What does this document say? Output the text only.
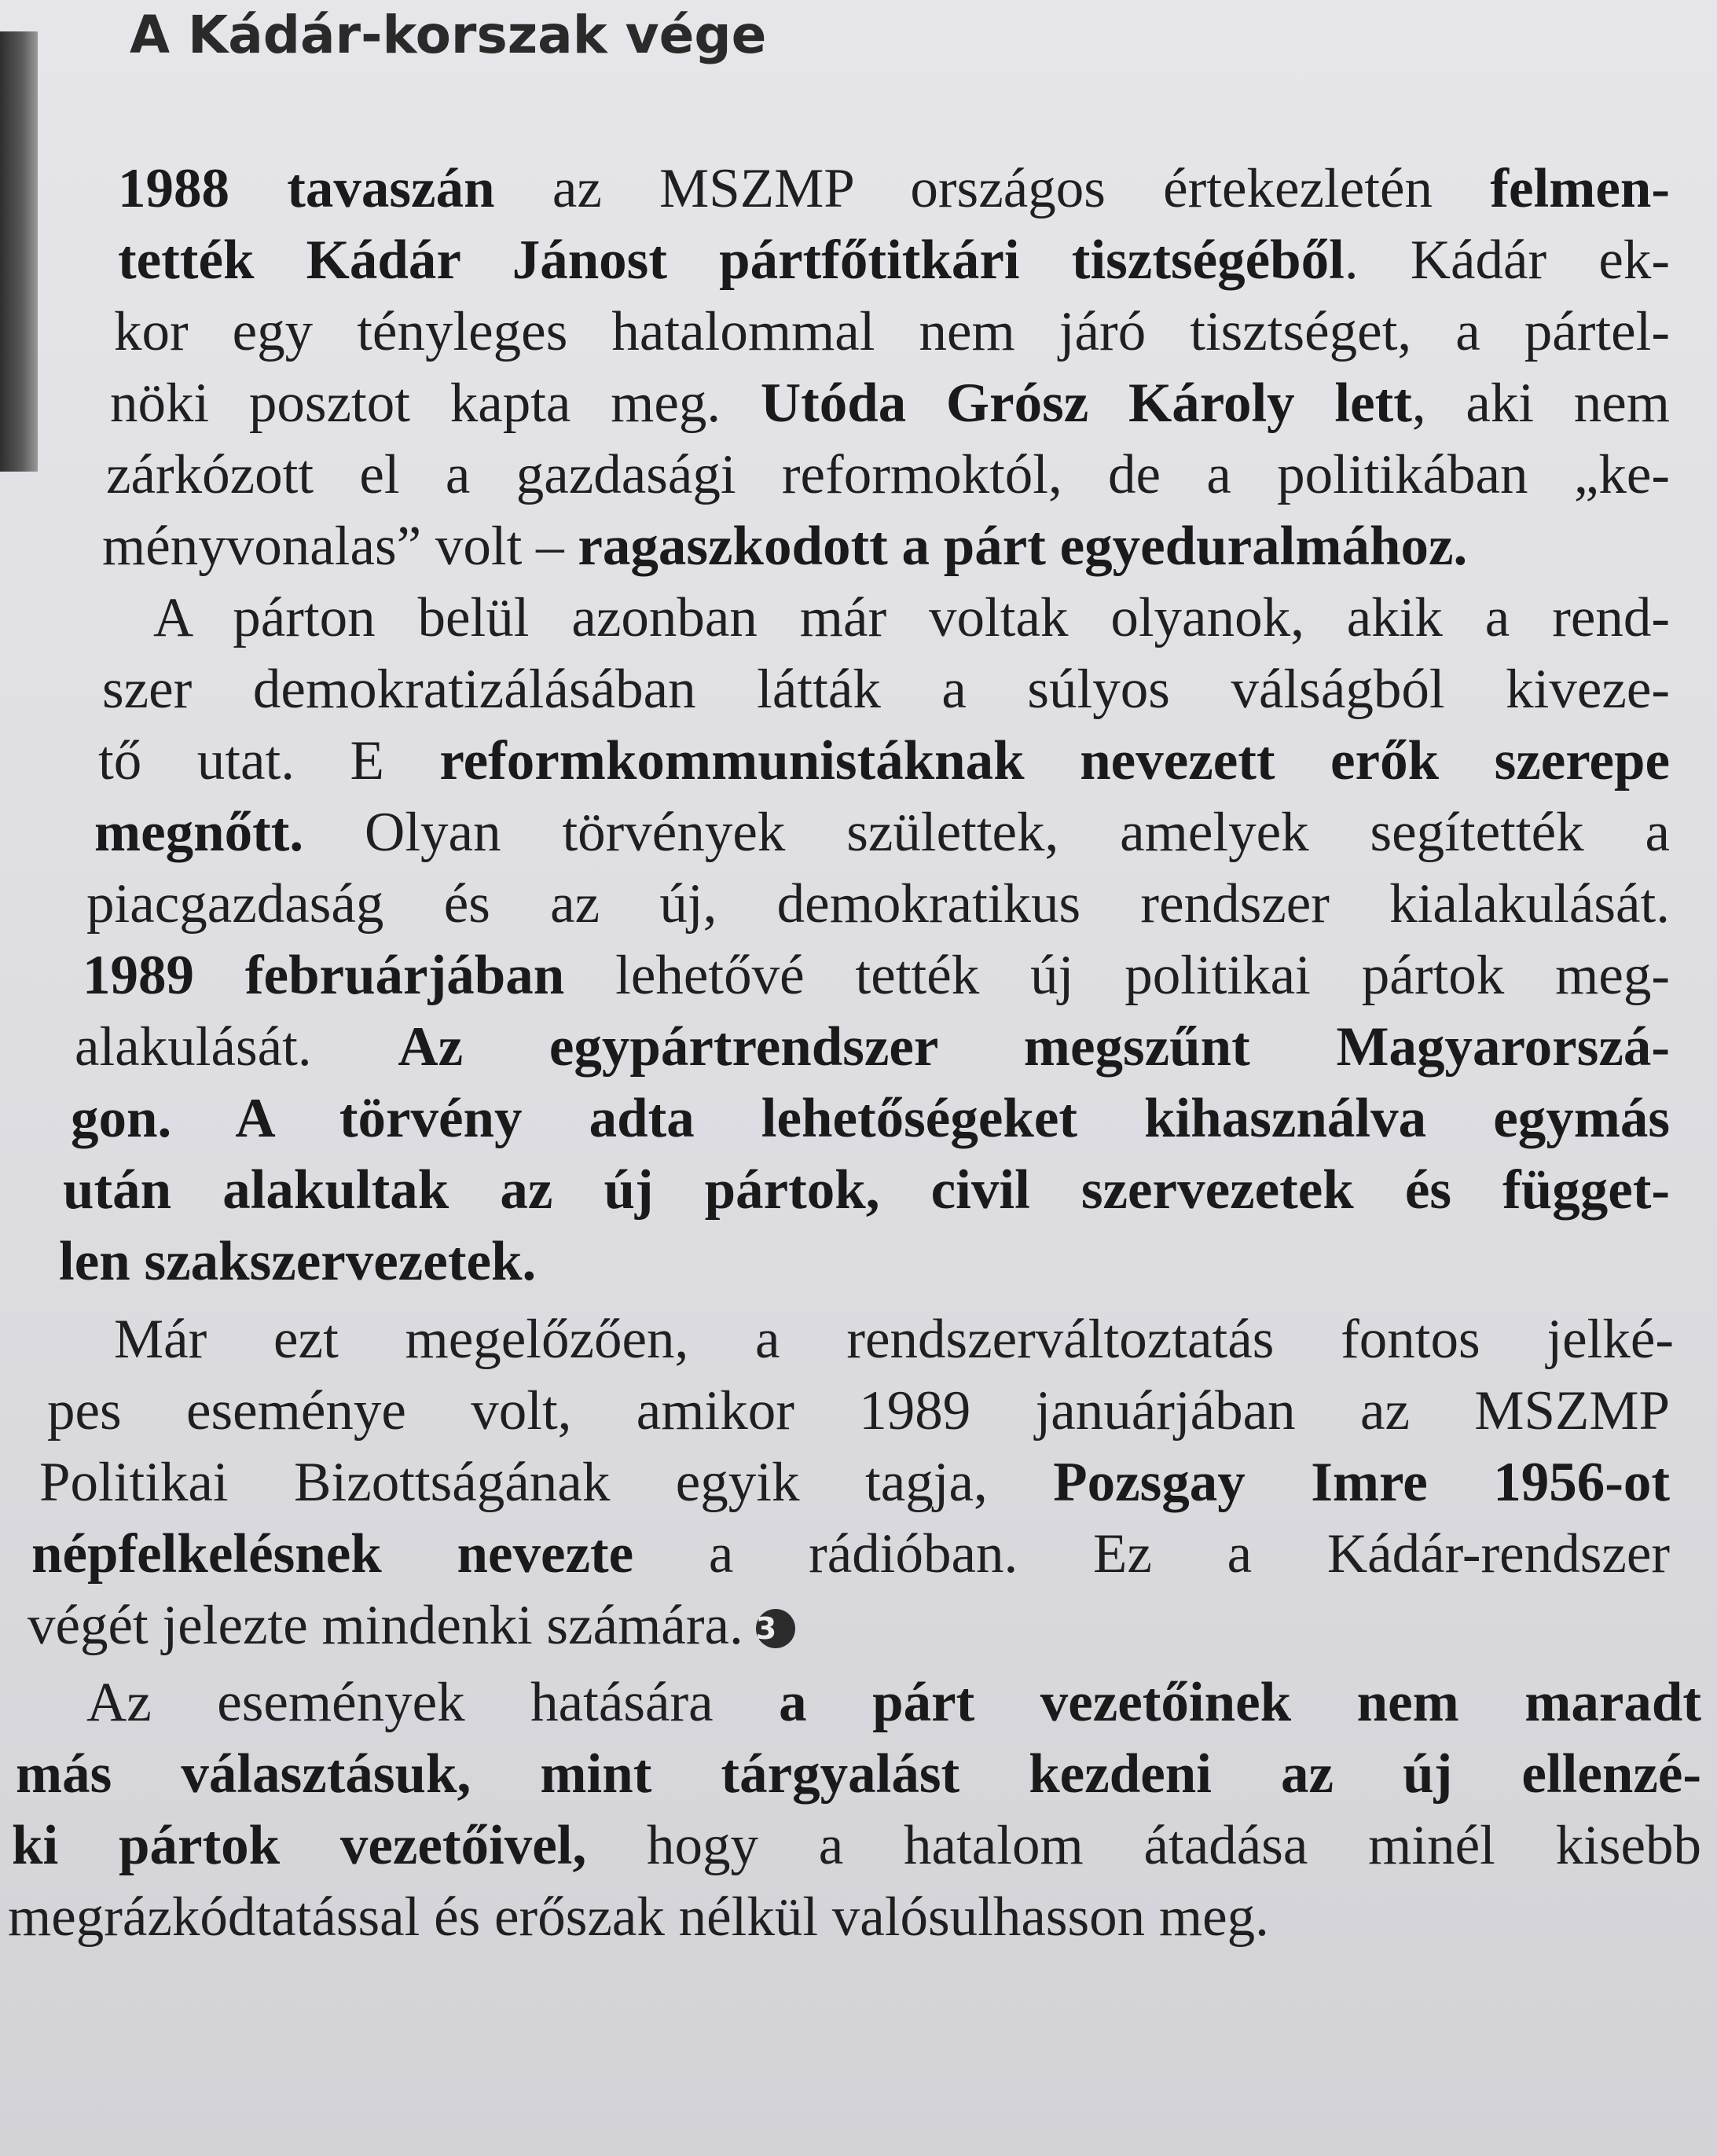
A Kádár-korszak vége
1988 tavaszán az MSZMP országos értekezletén felmen-
tették Kádár Jánost pártfőtitkári tisztségéből. Kádár ek-
kor egy tényleges hatalommal nem járó tisztséget, a pártel-
nöki posztot kapta meg. Utóda Grósz Károly lett, aki nem
zárkózott el a gazdasági reformoktól, de a politikában „ke-
ményvonalas” volt – ragaszkodott a párt egyeduralmához.
A párton belül azonban már voltak olyanok, akik a rend-
szer demokratizálásában látták a súlyos válságból kiveze-
tő utat. E reformkommunistáknak nevezett erők szerepe
megnőtt. Olyan törvények születtek, amelyek segítették a
piacgazdaság és az új, demokratikus rendszer kialakulását.
1989 februárjában lehetővé tették új politikai pártok meg-
alakulását. Az egypártrendszer megszűnt Magyarorszá-
gon. A törvény adta lehetőségeket kihasználva egymás
után alakultak az új pártok, civil szervezetek és függet-
len szakszervezetek.
Már ezt megelőzően, a rendszerváltoztatás fontos jelké-
pes eseménye volt, amikor 1989 januárjában az MSZMP
Politikai Bizottságának egyik tagja, Pozsgay Imre 1956-ot
népfelkelésnek nevezte a rádióban. Ez a Kádár-rendszer
végét jelezte mindenki számára. 3
Az események hatására a párt vezetőinek nem maradt
más választásuk, mint tárgyalást kezdeni az új ellenzé-
ki pártok vezetőivel, hogy a hatalom átadása minél kisebb
megrázkódtatással és erőszak nélkül valósulhasson meg.
